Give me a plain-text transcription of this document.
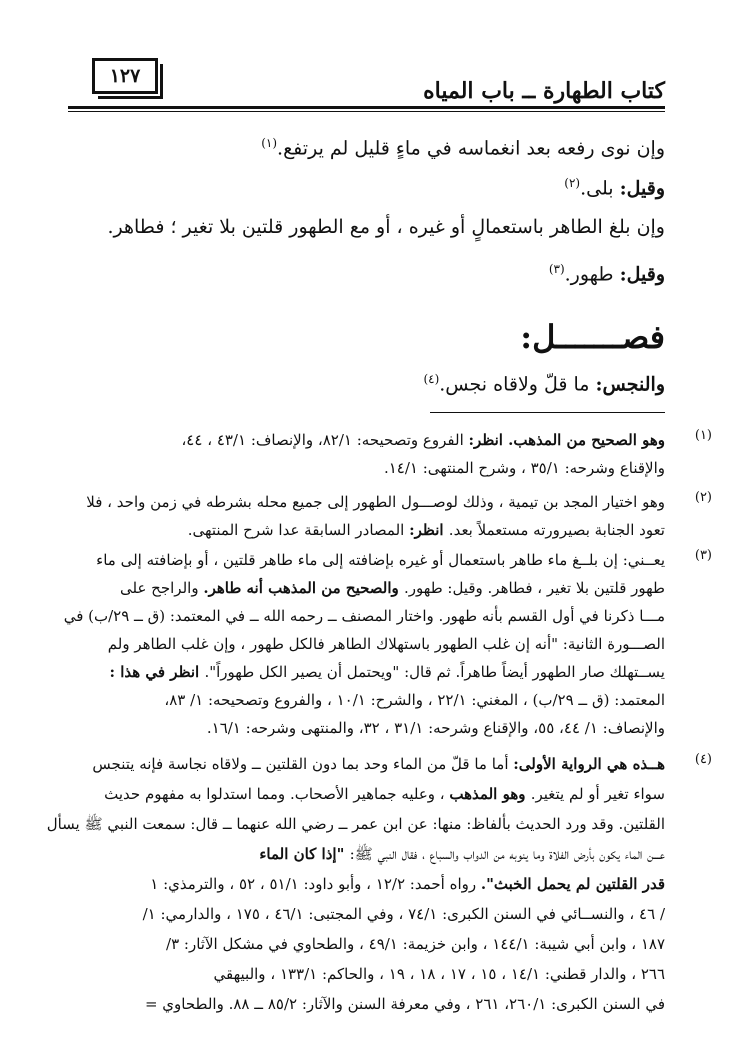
١٢٧
كتاب الطهارة ــ باب المياه
وإن نوى رفعه بعد انغماسه في ماءٍ قليل لم يرتفع.$^{(١)}$
وقيل: بلى.$^{(٢)}$
وإن بلغ الطاهر باستعمالٍ أو غيره ، أو مع الطهور قلتين بلا تغير ؛ فطاهر.
وقيل: طهور.$^{(٣)}$
فصـــــــل:
والنجس: ما قلّ ولاقاه نجس.$^{(٤)}$
(١)
وهو الصحيح من المذهب. انظر: الفروع وتصحيحه: ٨٢/١، والإنصاف: ٤٣/١ ، ٤٤،
والإقناع وشرحه: ٣٥/١ ، وشرح المنتهى: ١٤/١.
(٢)
وهو اختيار المجد بن تيمية ، وذلك لوصـــول الطهور إلى جميع محله بشرطه في زمن واحد ، فلا
تعود الجنابة بصيرورته مستعملاً بعد. انظر: المصادر السابقة عدا شرح المنتهى.
(٣)
يعــني: إن بلــغ ماء طاهر باستعمال أو غيره بإضافته إلى ماء طاهر قلتين ، أو بإضافته إلى ماء
طهور قلتين بلا تغير ، فطاهر. وقيل: طهور. والصحيح من المذهب أنه طاهر. والراجح على
مـــا ذكرنا في أول القسم بأنه طهور. واختار المصنف ــ رحمه الله ــ في المعتمد: (ق ــ ٢٩/ب) في
الصـــورة الثانية: "أنه إن غلب الطهور باستهلاك الطاهر فالكل طهور ، وإن غلب الطاهر ولم
يســتهلك صار الطهور أيضاً طاهراً. ثم قال: "ويحتمل أن يصير الكل طهوراً". انظر في هذا :
المعتمد: (ق ــ ٢٩/ب) ، المغني: ٢٢/١ ، والشرح: ١٠/١ ، والفروع وتصحيحه: ١/ ٨٣،
والإنصاف: ١/ ٤٤، ٥٥، والإقناع وشرحه: ٣١/١ ، ٣٢، والمنتهى وشرحه: ١٦/١.
(٤)
هــذه هي الرواية الأولى: أما ما قلّ من الماء وحد بما دون القلتين ــ ولاقاه نجاسة فإنه يتنجس
سواء تغير أو لم يتغير. وهو المذهب ، وعليه جماهير الأصحاب. ومما استدلوا به مفهوم حديث
القلتين. وقد ورد الحديث بألفاظ: منها: عن ابن عمر ــ رضي الله عنهما ــ قال: سمعت النبي ﷺ يسأل
عـــن الماء يكون بأرض الفلاة وما ينوبه من الدواب والسباع ، فقال النبي ﷺ: "إذا كان الماء
قدر القلتين لم يحمل الخبث". رواه أحمد: ١٢/٢ ، وأبو داود: ٥١/١ ، ٥٢ ، والترمذي: ١
/ ٤٦ ، والنســائي في السنن الكبرى: ٧٤/١ ، وفي المجتبى: ٤٦/١ ، ١٧٥ ، والدارمي: ١/
١٨٧ ، وابن أبي شيبة: ١٤٤/١ ، وابن خزيمة: ٤٩/١ ، والطحاوي في مشكل الآثار: ٣/
٢٦٦ ، والدار قطني: ١٤/١ ، ١٥ ، ١٧ ، ١٨ ، ١٩ ، والحاكم: ١٣٣/١ ، والبيهقي
في السنن الكبرى: ٢٦٠/١، ٢٦١ ، وفي معرفة السنن والآثار: ٨٥/٢ ــ ٨٨. والطحاوي =
